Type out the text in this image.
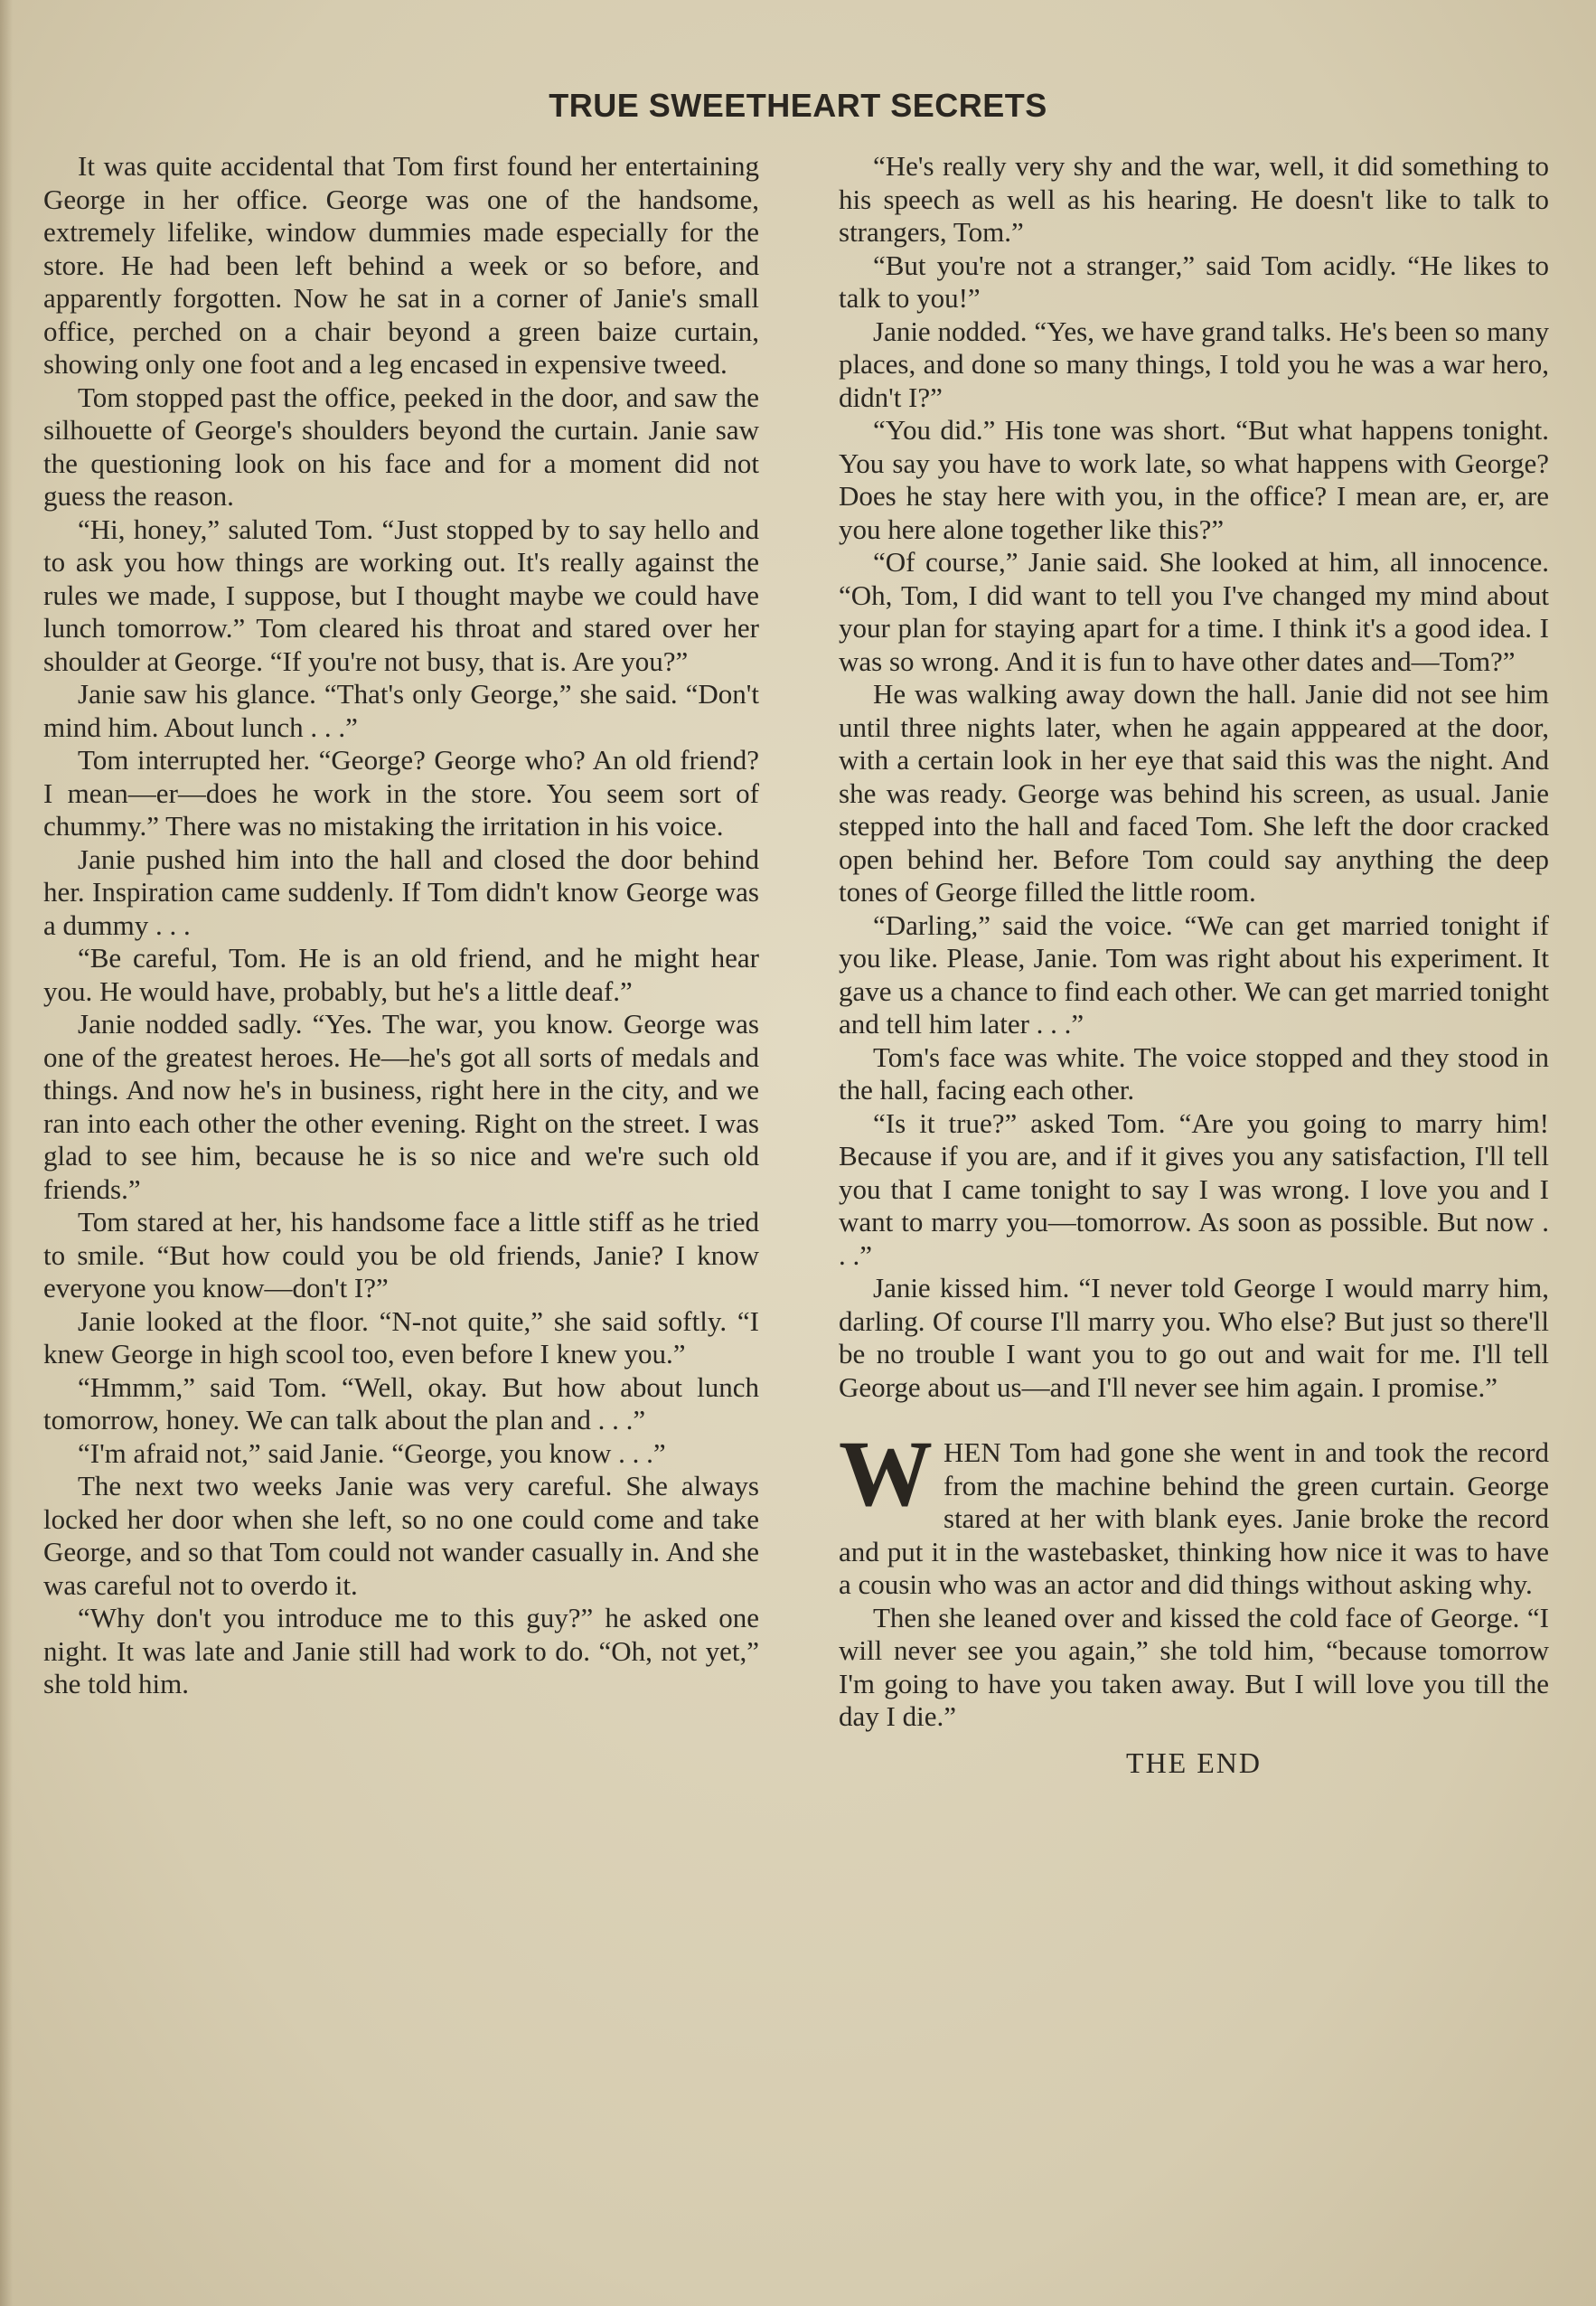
TRUE SWEETHEART SECRETS

It was quite accidental that Tom first found her entertaining George in her office. George was one of the handsome, extremely lifelike, window dummies made especially for the store. He had been left behind a week or so before, and apparently forgotten. Now he sat in a corner of Janie's small office, perched on a chair beyond a green baize curtain, showing only one foot and a leg encased in expensive tweed.

Tom stopped past the office, peeked in the door, and saw the silhouette of George's shoulders beyond the curtain. Janie saw the questioning look on his face and for a moment did not guess the reason.

“Hi, honey,” saluted Tom. “Just stopped by to say hello and to ask you how things are working out. It's really against the rules we made, I suppose, but I thought maybe we could have lunch tomorrow.” Tom cleared his throat and stared over her shoulder at George. “If you're not busy, that is. Are you?”

Janie saw his glance. “That's only George,” she said. “Don't mind him. About lunch . . .”

Tom interrupted her. “George? George who? An old friend? I mean—er—does he work in the store. You seem sort of chummy.” There was no mistaking the irritation in his voice.

Janie pushed him into the hall and closed the door behind her. Inspiration came suddenly. If Tom didn't know George was a dummy . . .

“Be careful, Tom. He is an old friend, and he might hear you. He would have, probably, but he's a little deaf.”

Janie nodded sadly. “Yes. The war, you know. George was one of the greatest heroes. He—he's got all sorts of medals and things. And now he's in business, right here in the city, and we ran into each other the other evening. Right on the street. I was glad to see him, because he is so nice and we're such old friends.”

Tom stared at her, his handsome face a little stiff as he tried to smile. “But how could you be old friends, Janie? I know everyone you know—don't I?”

Janie looked at the floor. “N-not quite,” she said softly. “I knew George in high scool too, even before I knew you.”

“Hmmm,” said Tom. “Well, okay. But how about lunch tomorrow, honey. We can talk about the plan and . . .”

“I'm afraid not,” said Janie. “George, you know . . .”

The next two weeks Janie was very careful. She always locked her door when she left, so no one could come and take George, and so that Tom could not wander casually in. And she was careful not to overdo it.

“Why don't you introduce me to this guy?” he asked one night. It was late and Janie still had work to do. “Oh, not yet,” she told him.

“He's really very shy and the war, well, it did something to his speech as well as his hearing. He doesn't like to talk to strangers, Tom.”

“But you're not a stranger,” said Tom acidly. “He likes to talk to you!”

Janie nodded. “Yes, we have grand talks. He's been so many places, and done so many things, I told you he was a war hero, didn't I?”

“You did.” His tone was short. “But what happens tonight. You say you have to work late, so what happens with George? Does he stay here with you, in the office? I mean are, er, are you here alone together like this?”

“Of course,” Janie said. She looked at him, all innocence. “Oh, Tom, I did want to tell you I've changed my mind about your plan for staying apart for a time. I think it's a good idea. I was so wrong. And it is fun to have other dates and—Tom?”

He was walking away down the hall. Janie did not see him until three nights later, when he again apppeared at the door, with a certain look in her eye that said this was the night. And she was ready. George was behind his screen, as usual. Janie stepped into the hall and faced Tom. She left the door cracked open behind her. Before Tom could say anything the deep tones of George filled the little room.

“Darling,” said the voice. “We can get married tonight if you like. Please, Janie. Tom was right about his experiment. It gave us a chance to find each other. We can get married tonight and tell him later . . .”

Tom's face was white. The voice stopped and they stood in the hall, facing each other.

“Is it true?” asked Tom. “Are you going to marry him! Because if you are, and if it gives you any satisfaction, I'll tell you that I came tonight to say I was wrong. I love you and I want to marry you—tomorrow. As soon as possible. But now . . .”

Janie kissed him. “I never told George I would marry him, darling. Of course I'll marry you. Who else? But just so there'll be no trouble I want you to go out and wait for me. I'll tell George about us—and I'll never see him again. I promise.”

WHEN Tom had gone she went in and took the record from the machine behind the green curtain. George stared at her with blank eyes. Janie broke the record and put it in the wastebasket, thinking how nice it was to have a cousin who was an actor and did things without asking why.

Then she leaned over and kissed the cold face of George. “I will never see you again,” she told him, “because tomorrow I'm going to have you taken away. But I will love you till the day I die.”

THE END
